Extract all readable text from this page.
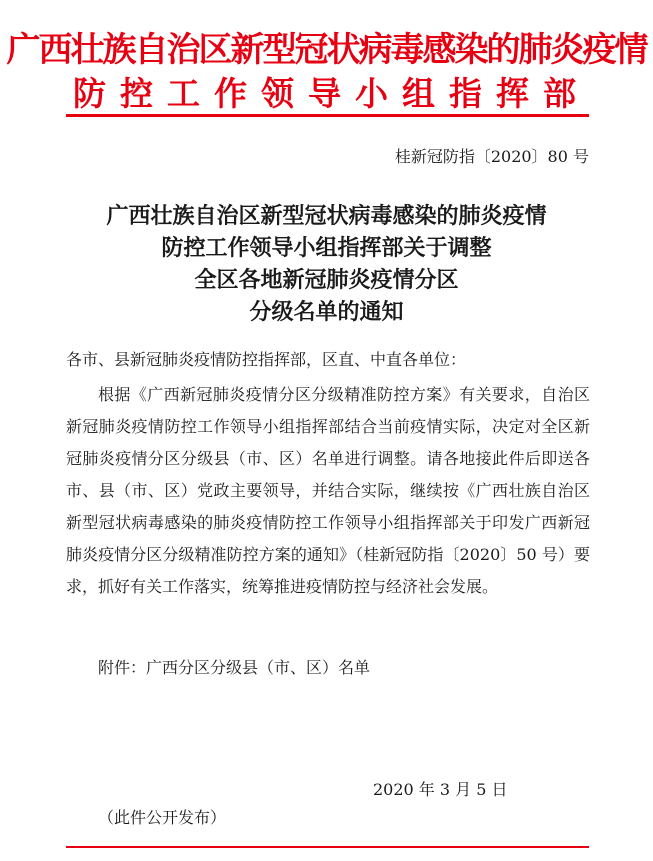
广西壮族自治区新型冠状病毒感染的肺炎疫情
防控工作领导小组指挥部
桂新冠防指〔2020〕80 号
广西壮族自治区新型冠状病毒感染的肺炎疫情
防控工作领导小组指挥部关于调整
全区各地新冠肺炎疫情分区
分级名单的通知
各市、县新冠肺炎疫情防控指挥部，区直、中直各单位：
根据《广西新冠肺炎疫情分区分级精准防控方案》有关要求，自治区新冠肺炎疫情防控工作领导小组指挥部结合当前疫情实际，决定对全区新冠肺炎疫情分区分级县（市、区）名单进行调整。请各地接此件后即送各市、县（市、区）党政主要领导，并结合实际，继续按《广西壮族自治区新型冠状病毒感染的肺炎疫情防控工作领导小组指挥部关于印发广西新冠肺炎疫情分区分级精准防控方案的通知》（桂新冠防指〔2020〕50 号）要求，抓好有关工作落实，统筹推进疫情防控与经济社会发展。
附件：广西分区分级县（市、区）名单
2020 年 3 月 5 日
（此件公开发布）
